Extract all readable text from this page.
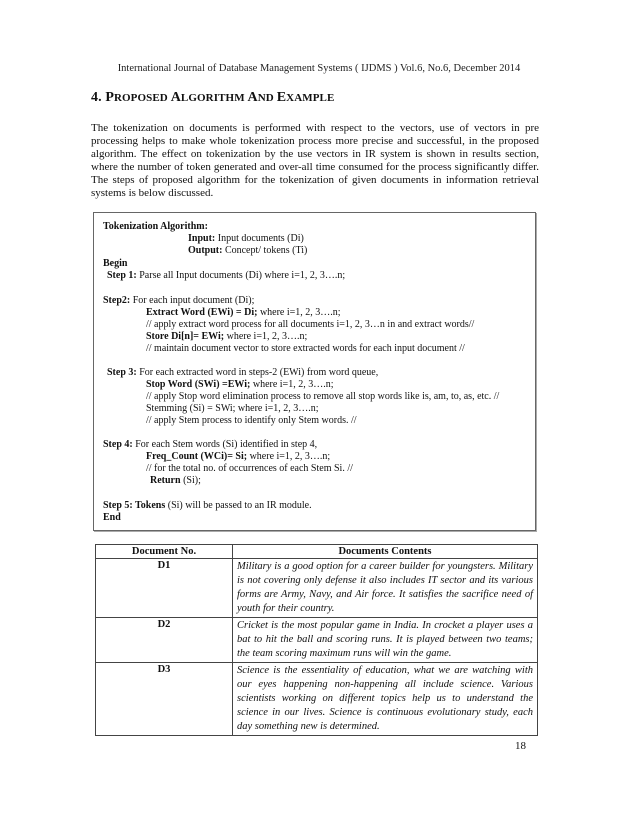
International Journal of Database Management Systems ( IJDMS ) Vol.6, No.6, December 2014
4. PROPOSED ALGORITHM AND EXAMPLE
The tokenization on documents is performed with respect to the vectors, use of vectors in pre processing helps to make whole tokenization process more precise and successful, in the proposed algorithm. The effect on tokenization by the use vectors in IR system is shown in results section, where the number of token generated and over-all time consumed for the process significantly differ. The steps of proposed algorithm for the tokenization of given documents in information retrieval systems is below discussed.
Tokenization Algorithm:
Input: Input documents (Di)
Output: Concept/ tokens (Ti)
Begin
Step 1: Parse all Input documents (Di) where i=1, 2, 3….n;
Step2: For each input document (Di);
Extract Word (EWi) = Di; where i=1, 2, 3….n;
// apply extract word process for all documents i=1, 2, 3…n in and extract words//
Store Di[n]= EWi; where i=1, 2, 3….n;
// maintain document vector to store extracted words for each input document //
Step 3: For each extracted word in steps-2 (EWi) from word queue,
Stop Word (SWi) =EWi; where i=1, 2, 3….n;
// apply Stop word elimination process to remove all stop words like is, am, to, as, etc. //
Stemming (Si) = SWi; where i=1, 2, 3….n;
// apply Stem process to identify only Stem words. //
Step 4: For each Stem words (Si) identified in step 4,
Freq_Count (WCi)= Si; where i=1, 2, 3….n;
// for the total no. of occurrences of each Stem Si. //
Return (Si);
Step 5: Tokens (Si) will be passed to an IR module.
End
Document No.	Documents Contents
D1	Military is a good option for a career builder for youngsters. Military is not covering only defense it also includes IT sector and its various forms are Army, Navy, and Air force. It satisfies the sacrifice need of youth for their country.
D2	Cricket is the most popular game in India. In crocket a player uses a bat to hit the ball and scoring runs. It is played between two teams; the team scoring maximum runs will win the game.
D3	Science is the essentiality of education, what we are watching with our eyes happening non-happening all include science. Various scientists working on different topics help us to understand the science in our lives. Science is continuous evolutionary study, each day something new is determined.
18
